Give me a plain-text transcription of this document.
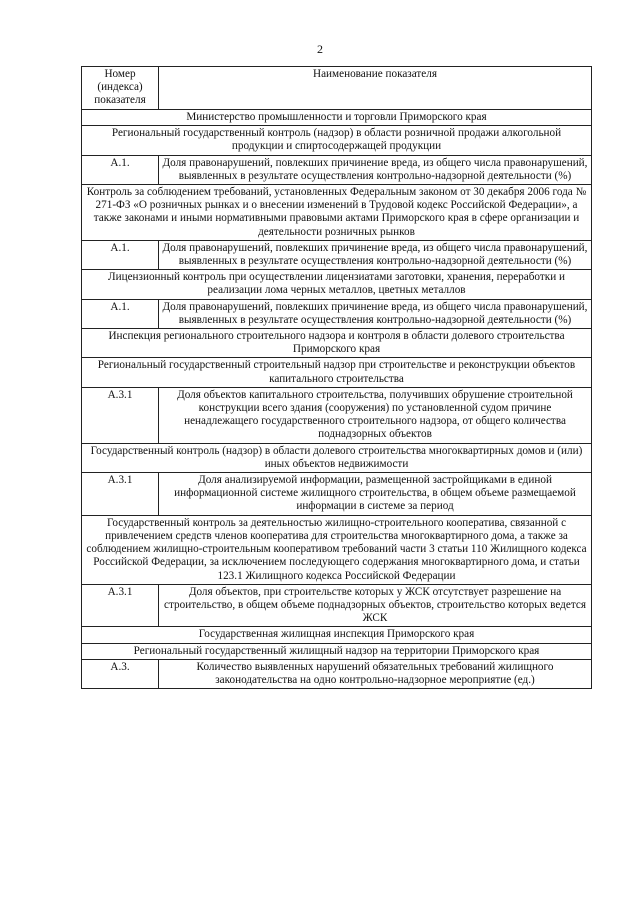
2
Номер (индекса) показателя	Наименование показателя
Министерство промышленности и торговли Приморского края	
Региональный государственный контроль (надзор) в области розничной продажи алкогольной продукции и спиртосодержащей продукции	
А.1.	Доля правонарушений, повлекших причинение вреда, из общего числа правонарушений, выявленных в результате осуществления контрольно-надзорной деятельности (%)
Контроль за соблюдением требований, установленных Федеральным законом от 30 декабря 2006 года № 271-ФЗ «О розничных рынках и о внесении изменений в Трудовой кодекс Российской Федерации», а также законами и иными нормативными правовыми актами Приморского края в сфере организации и деятельности розничных рынков	
А.1.	Доля правонарушений, повлекших причинение вреда, из общего числа правонарушений, выявленных в результате осуществления контрольно-надзорной деятельности (%)
Лицензионный контроль при осуществлении лицензиатами заготовки, хранения, переработки и реализации лома черных металлов, цветных металлов	
А.1.	Доля правонарушений, повлекших причинение вреда, из общего числа правонарушений, выявленных в результате осуществления контрольно-надзорной деятельности (%)
Инспекция регионального строительного надзора и контроля в области долевого строительства Приморского края	
Региональный государственный строительный надзор при строительстве и реконструкции объектов капитального строительства	
А.3.1	Доля объектов капитального строительства, получивших обрушение строительной конструкции всего здания (сооружения) по установленной судом причине ненадлежащего государственного строительного надзора, от общего количества поднадзорных объектов
Государственный контроль (надзор) в области долевого строительства многоквартирных домов и (или) иных объектов недвижимости	
А.3.1	Доля анализируемой информации, размещенной застройщиками в единой информационной системе жилищного строительства, в общем объеме размещаемой информации в системе за период
Государственный контроль за деятельностью жилищно-строительного кооператива, связанной с привлечением средств членов кооператива для строительства многоквартирного дома, а также за соблюдением жилищно-строительным кооперативом требований части 3 статьи 110 Жилищного кодекса Российской Федерации, за исключением последующего содержания многоквартирного дома, и статьи 123.1 Жилищного кодекса Российской Федерации	
А.3.1	Доля объектов, при строительстве которых у ЖСК отсутствует разрешение на строительство, в общем объеме поднадзорных объектов, строительство которых ведется ЖСК
Государственная жилищная инспекция Приморского края	
Региональный государственный жилищный надзор на территории Приморского края	
А.3.	Количество выявленных нарушений обязательных требований жилищного законодательства на одно контрольно-надзорное мероприятие (ед.)
